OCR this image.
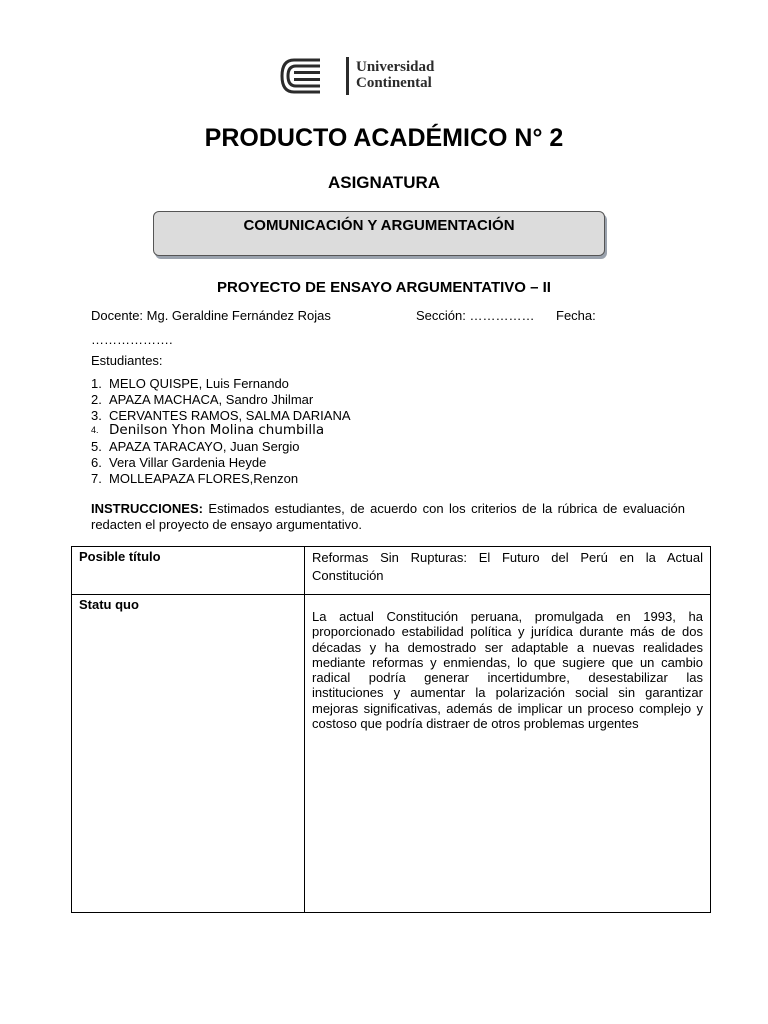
Universidad
Continental
PRODUCTO ACADÉMICO N° 2
ASIGNATURA
COMUNICACIÓN Y ARGUMENTACIÓN
PROYECTO DE ENSAYO ARGUMENTATIVO – II
Docente: Mg. Geraldine Fernández Rojas	Sección: …………… Fecha:
……………….
Estudiantes:
1. MELO QUISPE, Luis Fernando
2. APAZA MACHACA, Sandro Jhilmar
3. CERVANTES RAMOS, SALMA DARIANA
4. Denilson Yhon Molina chumbilla
5. APAZA TARACAYO, Juan Sergio
6. Vera Villar Gardenia Heyde
7. MOLLEAPAZA FLORES,Renzon
INSTRUCCIONES: Estimados estudiantes, de acuerdo con los criterios de la rúbrica de evaluación redacten el proyecto de ensayo argumentativo.
Posible título	Reformas Sin Rupturas: El Futuro del Perú en la Actual Constitución

Statu quo	La actual Constitución peruana, promulgada en 1993, ha proporcionado estabilidad política y jurídica durante más de dos décadas y ha demostrado ser adaptable a nuevas realidades mediante reformas y enmiendas, lo que sugiere que un cambio radical podría generar incertidumbre, desestabilizar las instituciones y aumentar la polarización social sin garantizar mejoras significativas, además de implicar un proceso complejo y costoso que podría distraer de otros problemas urgentes
